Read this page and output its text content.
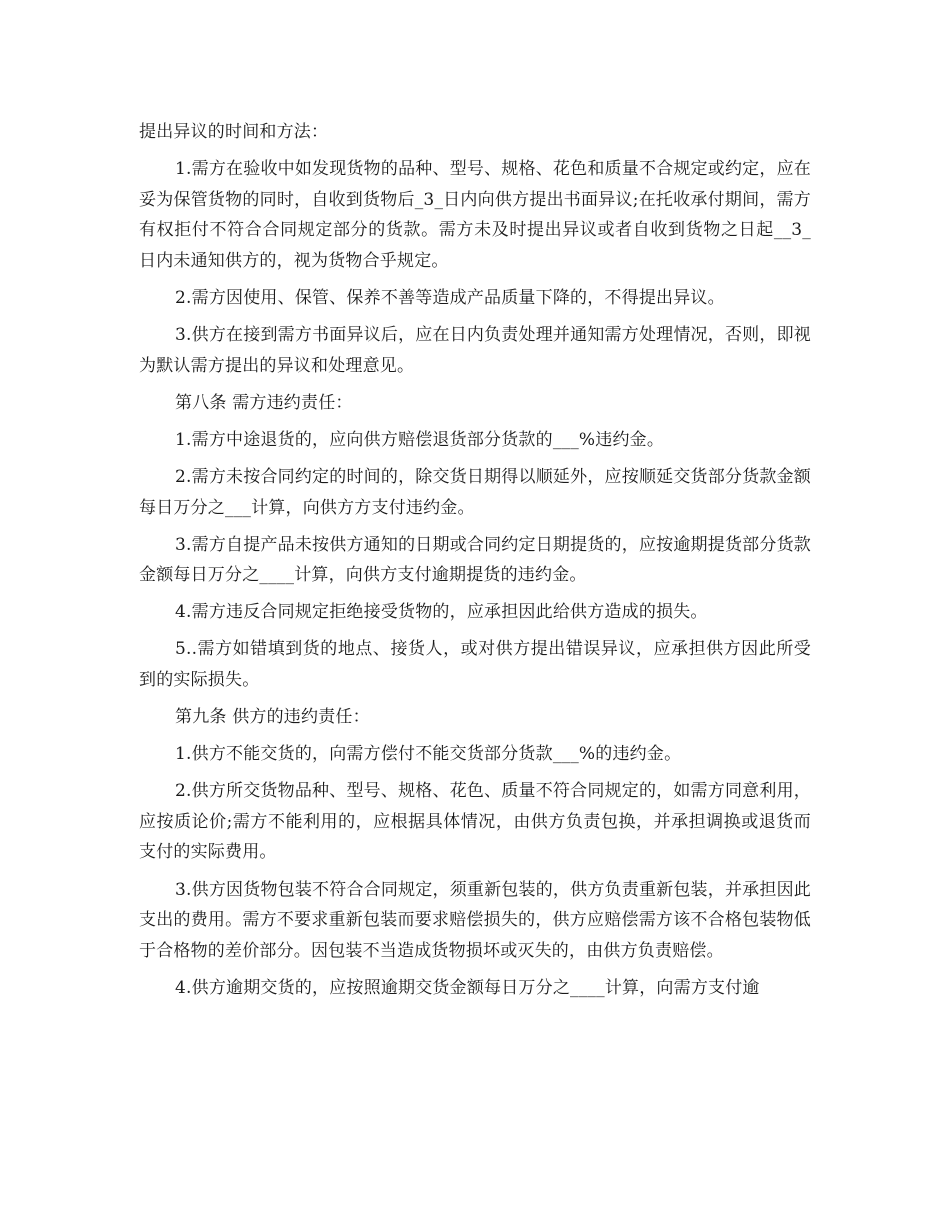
提出异议的时间和方法：

1.需方在验收中如发现货物的品种、型号、规格、花色和质量不合规定或约定，应在妥为保管货物的同时，自收到货物后_3_日内向供方提出书面异议;在托收承付期间，需方有权拒付不符合合同规定部分的货款。需方未及时提出异议或者自收到货物之日起__3_日内未通知供方的，视为货物合乎规定。

2.需方因使用、保管、保养不善等造成产品质量下降的，不得提出异议。

3.供方在接到需方书面异议后，应在日内负责处理并通知需方处理情况，否则，即视为默认需方提出的异议和处理意见。

第八条 需方违约责任：

1.需方中途退货的，应向供方赔偿退货部分货款的___%违约金。

2.需方未按合同约定的时间的，除交货日期得以顺延外，应按顺延交货部分货款金额每日万分之___计算，向供方方支付违约金。

3.需方自提产品未按供方通知的日期或合同约定日期提货的，应按逾期提货部分货款金额每日万分之____计算，向供方支付逾期提货的违约金。

4.需方违反合同规定拒绝接受货物的，应承担因此给供方造成的损失。

5..需方如错填到货的地点、接货人，或对供方提出错误异议，应承担供方因此所受到的实际损失。

第九条 供方的违约责任：

1.供方不能交货的，向需方偿付不能交货部分货款___%的违约金。

2.供方所交货物品种、型号、规格、花色、质量不符合同规定的，如需方同意利用，应按质论价;需方不能利用的，应根据具体情况，由供方负责包换，并承担调换或退货而支付的实际费用。

3.供方因货物包装不符合合同规定，须重新包装的，供方负责重新包装，并承担因此支出的费用。需方不要求重新包装而要求赔偿损失的，供方应赔偿需方该不合格包装物低于合格物的差价部分。因包装不当造成货物损坏或灭失的，由供方负责赔偿。

4.供方逾期交货的，应按照逾期交货金额每日万分之____计算，向需方支付逾
